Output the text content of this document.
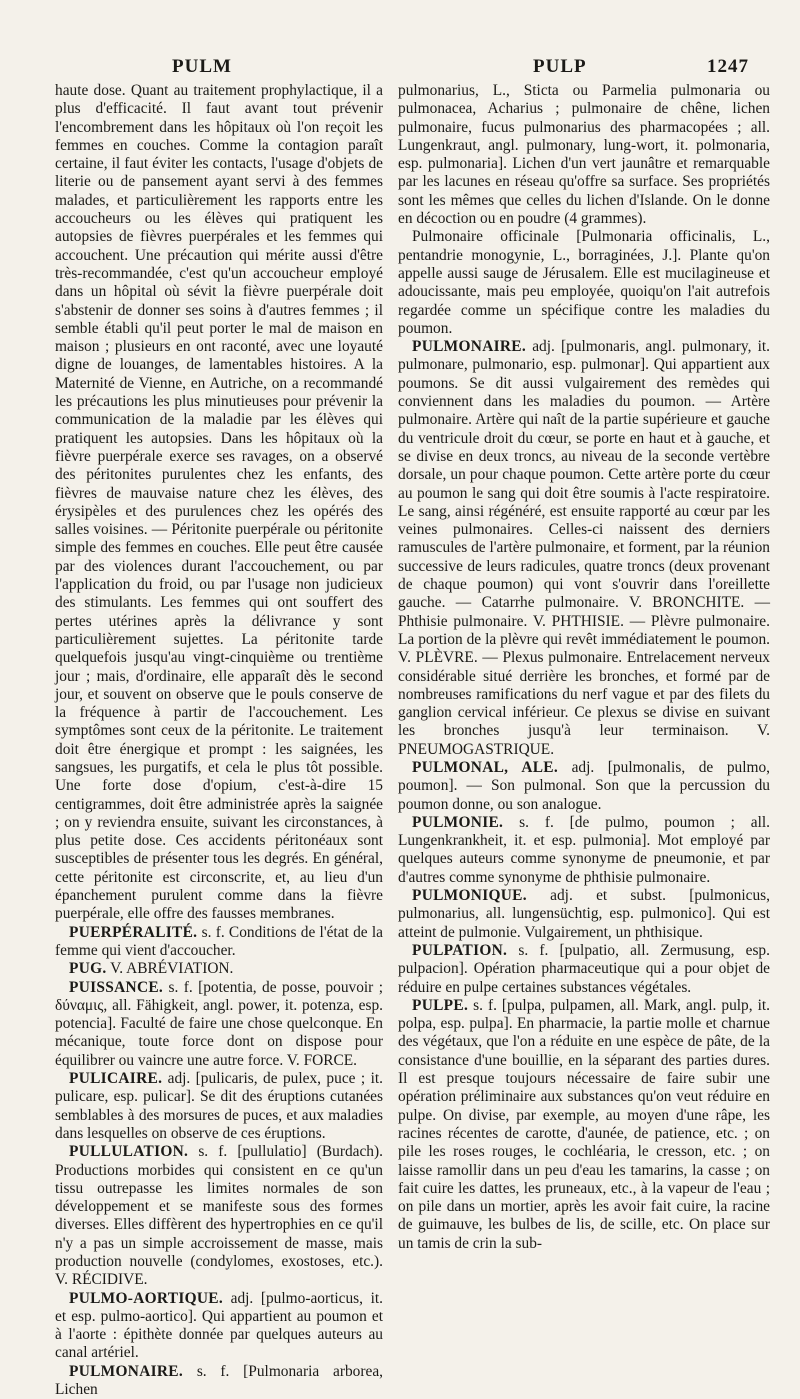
PULM	PULP	1247

haute dose. Quant au traitement prophylactique, il a plus d'efficacité. Il faut avant tout prévenir l'encombrement dans les hôpitaux où l'on reçoit les femmes en couches. Comme la contagion paraît certaine, il faut éviter les contacts, l'usage d'objets de literie ou de pansement ayant servi à des femmes malades, et particulièrement les rapports entre les accoucheurs ou les élèves qui pratiquent les autopsies de fièvres puerpérales et les femmes qui accouchent. Une précaution qui mérite aussi d'être très-recommandée, c'est qu'un accoucheur employé dans un hôpital où sévit la fièvre puerpérale doit s'abstenir de donner ses soins à d'autres femmes ; il semble établi qu'il peut porter le mal de maison en maison ; plusieurs en ont raconté, avec une loyauté digne de louanges, de lamentables histoires. A la Maternité de Vienne, en Autriche, on a recommandé les précautions les plus minutieuses pour prévenir la communication de la maladie par les élèves qui pratiquent les autopsies. Dans les hôpitaux où la fièvre puerpérale exerce ses ravages, on a observé des péritonites purulentes chez les enfants, des fièvres de mauvaise nature chez les élèves, des érysipèles et des purulences chez les opérés des salles voisines. — Péritonite puerpérale ou péritonite simple des femmes en couches. Elle peut être causée par des violences durant l'accouchement, ou par l'application du froid, ou par l'usage non judicieux des stimulants. Les femmes qui ont souffert des pertes utérines après la délivrance y sont particulièrement sujettes. La péritonite tarde quelquefois jusqu'au vingt-cinquième ou trentième jour ; mais, d'ordinaire, elle apparaît dès le second jour, et souvent on observe que le pouls conserve de la fréquence à partir de l'accouchement. Les symptômes sont ceux de la péritonite. Le traitement doit être énergique et prompt : les saignées, les sangsues, les purgatifs, et cela le plus tôt possible. Une forte dose d'opium, c'est-à-dire 15 centigrammes, doit être administrée après la saignée ; on y reviendra ensuite, suivant les circonstances, à plus petite dose. Ces accidents péritonéaux sont susceptibles de présenter tous les degrés. En général, cette péritonite est circonscrite, et, au lieu d'un épanchement purulent comme dans la fièvre puerpérale, elle offre des fausses membranes.

PUERPÉRALITÉ. s. f. Conditions de l'état de la femme qui vient d'accoucher.

PUG. V. ABRÉVIATION.

PUISSANCE. s. f. [potentia, de posse, pouvoir ; δύναμις, all. Fähigkeit, angl. power, it. potenza, esp. potencia]. Faculté de faire une chose quelconque. En mécanique, toute force dont on dispose pour équilibrer ou vaincre une autre force. V. FORCE.

PULICAIRE. adj. [pulicaris, de pulex, puce ; it. pulicare, esp. pulicar]. Se dit des éruptions cutanées semblables à des morsures de puces, et aux maladies dans lesquelles on observe de ces éruptions.

PULLULATION. s. f. [pullulatio] (Burdach). Productions morbides qui consistent en ce qu'un tissu outrepasse les limites normales de son développement et se manifeste sous des formes diverses. Elles diffèrent des hypertrophies en ce qu'il n'y a pas un simple accroissement de masse, mais production nouvelle (condylomes, exostoses, etc.). V. RÉCIDIVE.

PULMO-AORTIQUE. adj. [pulmo-aorticus, it. et esp. pulmo-aortico]. Qui appartient au poumon et à l'aorte : épithète donnée par quelques auteurs au canal artériel.

PULMONAIRE. s. f. [Pulmonaria arborea, Lichen

pulmonarius, L., Sticta ou Parmelia pulmonaria ou pulmonacea, Acharius ; pulmonaire de chêne, lichen pulmonaire, fucus pulmonarius des pharmacopées ; all. Lungenkraut, angl. pulmonary, lung-wort, it. polmonaria, esp. pulmonaria]. Lichen d'un vert jaunâtre et remarquable par les lacunes en réseau qu'offre sa surface. Ses propriétés sont les mêmes que celles du lichen d'Islande. On le donne en décoction ou en poudre (4 grammes).

Pulmonaire officinale [Pulmonaria officinalis, L., pentandrie monogynie, L., borraginées, J.]. Plante qu'on appelle aussi sauge de Jérusalem. Elle est mucilagineuse et adoucissante, mais peu employée, quoiqu'on l'ait autrefois regardée comme un spécifique contre les maladies du poumon.

PULMONAIRE. adj. [pulmonaris, angl. pulmonary, it. pulmonare, pulmonario, esp. pulmonar]. Qui appartient aux poumons. Se dit aussi vulgairement des remèdes qui conviennent dans les maladies du poumon. — Artère pulmonaire. Artère qui naît de la partie supérieure et gauche du ventricule droit du cœur, se porte en haut et à gauche, et se divise en deux troncs, au niveau de la seconde vertèbre dorsale, un pour chaque poumon. Cette artère porte du cœur au poumon le sang qui doit être soumis à l'acte respiratoire. Le sang, ainsi régénéré, est ensuite rapporté au cœur par les veines pulmonaires. Celles-ci naissent des derniers ramuscules de l'artère pulmonaire, et forment, par la réunion successive de leurs radicules, quatre troncs (deux provenant de chaque poumon) qui vont s'ouvrir dans l'oreillette gauche. — Catarrhe pulmonaire. V. BRONCHITE. — Phthisie pulmonaire. V. PHTHISIE. — Plèvre pulmonaire. La portion de la plèvre qui revêt immédiatement le poumon. V. PLÈVRE. — Plexus pulmonaire. Entrelacement nerveux considérable situé derrière les bronches, et formé par de nombreuses ramifications du nerf vague et par des filets du ganglion cervical inférieur. Ce plexus se divise en suivant les bronches jusqu'à leur terminaison. V. PNEUMOGASTRIQUE.

PULMONAL, ALE. adj. [pulmonalis, de pulmo, poumon]. — Son pulmonal. Son que la percussion du poumon donne, ou son analogue.

PULMONIE. s. f. [de pulmo, poumon ; all. Lungenkrankheit, it. et esp. pulmonia]. Mot employé par quelques auteurs comme synonyme de pneumonie, et par d'autres comme synonyme de phthisie pulmonaire.

PULMONIQUE. adj. et subst. [pulmonicus, pulmonarius, all. lungensüchtig, esp. pulmonico]. Qui est atteint de pulmonie. Vulgairement, un phthisique.

PULPATION. s. f. [pulpatio, all. Zermusung, esp. pulpacion]. Opération pharmaceutique qui a pour objet de réduire en pulpe certaines substances végétales.

PULPE. s. f. [pulpa, pulpamen, all. Mark, angl. pulp, it. polpa, esp. pulpa]. En pharmacie, la partie molle et charnue des végétaux, que l'on a réduite en une espèce de pâte, de la consistance d'une bouillie, en la séparant des parties dures. Il est presque toujours nécessaire de faire subir une opération préliminaire aux substances qu'on veut réduire en pulpe. On divise, par exemple, au moyen d'une râpe, les racines récentes de carotte, d'aunée, de patience, etc. ; on pile les roses rouges, le cochléaria, le cresson, etc. ; on laisse ramollir dans un peu d'eau les tamarins, la casse ; on fait cuire les dattes, les pruneaux, etc., à la vapeur de l'eau ; on pile dans un mortier, après les avoir fait cuire, la racine de guimauve, les bulbes de lis, de scille, etc. On place sur un tamis de crin la sub-
